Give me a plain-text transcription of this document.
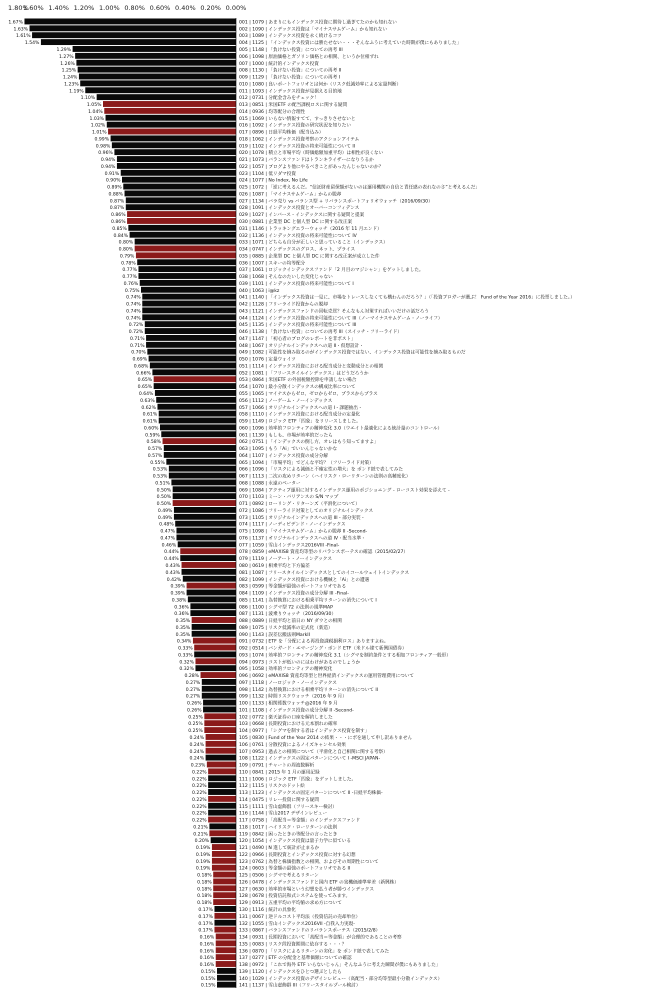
1.80%
1.60% 1.40% 1.20% 1.00% 0.80% 0.60% 0.40% 0.20% 0.00%
1.67%
1.63%
1.61%
1.54%
1.29%
1.27%
1.26%
1.25%
1.24%
1.23%
1.19%
1.10%
1.05%
1.04%
1.03%
1.02%
1.01%
0.99%
0.98%
0.96%
0.94%
0.94%
0.91%
0.90%
0.89%
0.88%
0.87%
0.87%
0.86%
0.86%
0.85%
0.84%
0.80%
0.80%
0.79%
0.78%
0.77%
0.77%
0.76%
0.75%
0.74%
0.74%
0.74%
0.74%
0.72%
0.72%
0.71%
0.71%
0.70%
0.69%
0.68%
0.66%
0.65%
0.65%
0.64%
0.63%
0.62%
0.61%
0.61%
0.60%
0.59%
0.58%
0.57%
0.57%
0.55%
0.53%
0.53%
0.51%
0.50%
0.50%
0.50%
0.49%
0.49%
0.48%
0.47%
0.47%
0.46%
0.44%
0.44%
0.43%
0.43%
0.42%
0.39%
0.39%
0.38%
0.36%
0.36%
0.35%
0.35%
0.35%
0.34%
0.33%
0.33%
0.32%
0.32%
0.28%
0.27%
0.27%
0.27%
0.26%
0.26%
0.25%
0.25%
0.25%
0.24%
0.24%
0.24%
0.24%
0.23%
0.22%
0.22%
0.22%
0.22%
0.22%
0.22%
0.22%
0.22%
0.21%
0.21%
0.20%
0.19%
0.19%
0.19%
0.19%
0.18%
0.18%
0.18%
0.18%
0.18%
0.17%
0.17%
0.17%
0.17%
0.16%
0.16%
0.16%
0.16%
0.16%
0.15%
0.15%
0.15%
001 | 1079 | あまりにもインデックス投資に期待し過ぎてたのかも知れない
002 | 1090 | インデックス投資は「マイナスサムゲーム」かも知れない
003 | 1089 | インデックス投資を永く続けるコツ
004 | 1125 | 「インデックス投資には勝たせない・・・そんなふうに考えていた時期が僕にもありました」
005 | 1148 | 「負けない投資」についての再考 III
006 | 1098 | 原油価格とガソリン価格との相関、というか位相ずれ
007 | 1000 | 統計的インデックス投資
008 | 1130 | 「負けない投資」についての再考 II
009 | 1129 | 「負けない投資」についての再考 I
010 | 1080 | 良いポートフォリオとは何か（リスク低減効率による定量判断）
011 | 1093 | インデックス投資が見据える目的地
012 | 0731 | 分配金含みをチェック！
013 | 0851 | 米国ETF の配当課税ロスに関する疑問
014 | 0936 | 均等配分の合理性
015 | 1069 | いらない情報すてて、すっきりさせないと
016 | 1092 | インデックス投資の研究状況を知りたい
017 | 0896 | 日経平均株価（配当込み）
018 | 1062 | インデックス投資考察のアクションアイテム
019 | 1102 | インデックス投資の将来可能性について II
020 | 1078 | 積立と市場平均（時価総額加重平均）は相性が良くない
021 | 1073 | バランスファンドはトランキライザーになりうるか
022 | 1057 | ブログより他にやるべきことがあったんじゃないのか？
023 | 1104 | 低リダマ投資
024 | 1077 | No Index, No Life
025 | 1072 | 「逆に考えるんだ。“信託財産留保額がないのは運用機関の自信と責任感の表れなのさ”と考えるんだ」
026 | 1087 | 「マイナスサムゲーム」からの脱却
027 | 1134 | バラ売り vs バランス型 + リバランスポートフォリオウォッチ（2016/09/30）
028 | 1091 | インデックス投資とオーバーコンフィデンス
029 | 1027 | インバース・インデックスに関する疑問と提案
030 | 0881 | 企業型 DC と個人型 DC に関する改正案
031 | 1146 | トラッキングエラーウォッチ（2016 年 11 月エンド）
032 | 1136 | インデックス投資の将来可能性について IV
033 | 1071 | どちらも自分が正しいと思っていること（インデックス）
034 | 0747 | インデックスのグロス、ネット、プライス
035 | 0885 | 企業型 DC と個人型 DC に関する改正案が成立した件
036 | 1007 | スキーの均等配分
037 | 1061 | ロジックインデックスファンド「2 月目のマジシャン」をゲットしました。
038 | 1068 | そんなのたいした変化じゃない
039 | 1101 | インデックス投資の将来可能性について I
040 | 1063 | i@kz
041 | 1140 | 「インデックス投資は一見に、市場をトレースしなくても構わんのだろう？」（「投資ブロガーが選ぶ！ Fund of the Year 2016」に投票しました。）
042 | 1128 | フリーライド投資からの脱却
043 | 1121 | インデックスファンドの回転売買？そんなもん対策すればいいだけの話だろう
044 | 1124 | インデックス投資の将来可能性について III（ノーマイナスサムゲーム・ノーライフ）
045 | 1135 | インデックス投資の将来可能性について III
046 | 1138 | 「負けない投資」についての再考 III（スイッチ・フリーライド）
047 | 1147 | 「初心者のブログのレポートを非ポスト」
048 | 1067 | オリジナルインデックスへの道 II・仮想設計・
049 | 1082 | 可能性を摘み取るのがインデックス投資ではない、インデックス投資は可能性を摘み取るものだ
050 | 1076 | 定量ウォイツ
051 | 1114 | インデックス投資における配当成分と変動成分との相関
052 | 1081 | 「フリースタイルインデックス」はどうだろうか
053 | 0864 | 米国ETF の外国税額控除を申請しない場合
054 | 1070 | 最小分散インデックスの構成比率について
055 | 1065 | マイナスからゼロ、ゼロからゼロ、プラスからプラス
056 | 1112 | ノーゲーム・ノーインデックス
057 | 1066 | オリジナルインデックスへの道 I・課題抽出・
058 | 1110 | インデックス投資における配当成分の定量化
059 | 1149 | ロジック ETF「四象」をリリースしました。
060 | 1096 | 効率的フロンティアの精神変化 3.0（ウエイト最適化による統計量のコントロール）
061 | 1139 | もしも、市場が効率的だったら
062 | 0751 | 「インデックスの倒し方、オレはもう知ってますよ」
063 | 1095 | もう「Ai」でいいんじゃないかな
064 | 1107 | インデックス投資の成分分解
065 | 1094 | 「市場平均」でどんな平均？（フリーライド対策）
066 | 1096 | 「リスクによる減価と不確定性の増大」を ポンド紙で表してみた
067 | 1113 | 二次の攻めリターン（ハイリスク・ローリターンの法則の高精度化）
068 | 1088 | 永遠のベーター
069 | 1084 | アクティブ運用に対するインデックス運用のポジショニング ‐ ローコスト効果を添えて ‐
070 | 1103 | ミーン・バリアンスの S/N マップ
071 | 0892 | ローリング・リターンズ（平滑化について）
072 | 1086 | フリーライド対策としてのオリジナルインデックス
073 | 1105 | オリジナルインデックスへの道 III・部分実装・
074 | 1117 | ノーディビデンド・ノーインデックス
075 | 1098 | 「マイナスサムゲーム」からの脱却 II -Second-
076 | 1137 | オリジナルインデックスへの道 IV・配当水準・
077 | 1059 | 雪山インデックス2016VIII -Final-
078 | 0859 | eMAXIS8 資産均等型のリバランスポーテスの確認（2015/02/27）
079 | 1119 | ノーアート・ノーインデックス
080 | 0619 | 相乗平均と下方偏差
081 | 1087 | フリースタイルインデックスとしてのイコールウェイトインデックス
082 | 1099 | インデックス投資における機械と「Ai」との遭遇
083 | 0599 | 等金額が最強のポートフォリオである
084 | 1109 | インデックス投資の成分分解 III -Final-
085 | 1141 | 為替換算における相乗平均リターンの消失について I
086 | 1100 | シグマ型 72 の法則の規準MAP
087 | 1131 | 波乗りウォッチ（2016/09/30）
088 | 0889 | 日経平均と前日の NY ダウとの相関
089 | 1075 | リスク低減率の定式化（新造）
090 | 1143 | 誤差伝搬法則MarkII
091 | 0732 | ETF を「分配による再投資課税損利ロス」ありますよね。
092 | 0514 | バンガード・エマージング・ボンド ETF（米ドル建て新興国債券）
093 | 1074 | 効率的フロンティアの精神変化 3.1（シグマを制約条件とする相加フロンティア一般形）
094 | 0973 | コストが低いのにはわけがあるのでしょうか
095 | 1058 | 効率的フロンティアの精神変化
096 | 0692 | eMAXIS8 資産均等型と世界経済インデックスの運用管理費用について
097 | 1118 | ノーロジック・ノーインデックス
098 | 1142 | 為替換算における相乗平均リターンの消失について II
099 | 1132 | 時間リスクウォッチ（2016 年 9 月）
100 | 1133 | 相関係数ウォッチ@2016 年 9 月
101 | 1108 | インデックス投資の成分分解 II -Second-
102 | 0772 | 楽天証券の口座を解約しました
103 | 0668 | 長期投資における元本割れの確率
104 | 0977 | 「シグマを制する者はインデックス投資を制す」
105 | 0830 | Fund of the Year 2014 の結果・・・にボを通して申し訳ありません
106 | 0761 | 分散投資によるノイズキャンセル効果
107 | 0953 | 過去との相関について（平滑化と自己相関に関する考察）
108 | 1122 | インデックスの固定パターンについて I -MSCI JAPAN-
109 | 0791 | チャートの周波数解析
110 | 0841 | 2015 年 1 月の運用記録
111 | 1006 | ロジック ETF「四象」をゲットしました。
112 | 1115 | リスクのドット絵
113 | 1123 | インデックスの固定パターンについて II -日経平均株価-
114 | 0475 | リレー投資に関する疑問
115 | 1111 | 雪山虚飾群（フリースキー検討）
116 | 1144 | 雪山2017 デザインレビュー
117 | 0758 | 「高配当＝等金額」のインデックスファンド
118 | 1017 | ハイリスク・ローリターンの法則
119 | 0842 | 困ったときの等配分の言ったとき
120 | 1054 | インデックス投資は量子力学に似ている
121 | 0490 | N 進して統計が止まるか
122 | 0966 | 長期投資とインデックス投資に対する幻想
123 | 0762 | 為替と株価指数との相関、およびその周期性について
124 | 0603 | 等金額の最強のポートフォリオである II
125 | 0506 | シグマで考えるリターン
126 | 0478 | インデックスファンドと国内 ETF の実機価連準率差（新興株）
127 | 0630 | 効率的市場という幻想を払う者が勝つインデックス
128 | 0678 | 投資信託和式システムを使ってみます。
129 | 0913 | 五重平均の平均値の求め方について
130 | 1116 | 統計の具象化
131 | 0067 | 逆ドルコスト平均法（投資信託の売却単位）
132 | 1055 | 雪山インデックス2016VII -自我入力実現-
133 | 0867 | バランスファンドのリバランスポーテス（2015/2/8）
134 | 0931 | 長期投資において「高配当＝等金額」が合理的であることの考察
135 | 0083 | リスク段投資期間に依存する・・・？
136 | 0870 | 「リスクによるリターンの劣化」を ポンド紙で表してみた
137 | 0277 | ETF の分配金と基準価額についての確認
138 | 0972 | 「これで海外 ETF いらないじゃん」そんなふうに考えた瞬間が僕にもありました」
139 | 1120 | インデックスをひとつ選ぶとしたら
140 | 1029 | インデックス投資のデザインレビュー（高配当・部分均等型最小分散インデックス）
141 | 1137 | 雪山虚飾群 III（フリースタイルプール検討）
